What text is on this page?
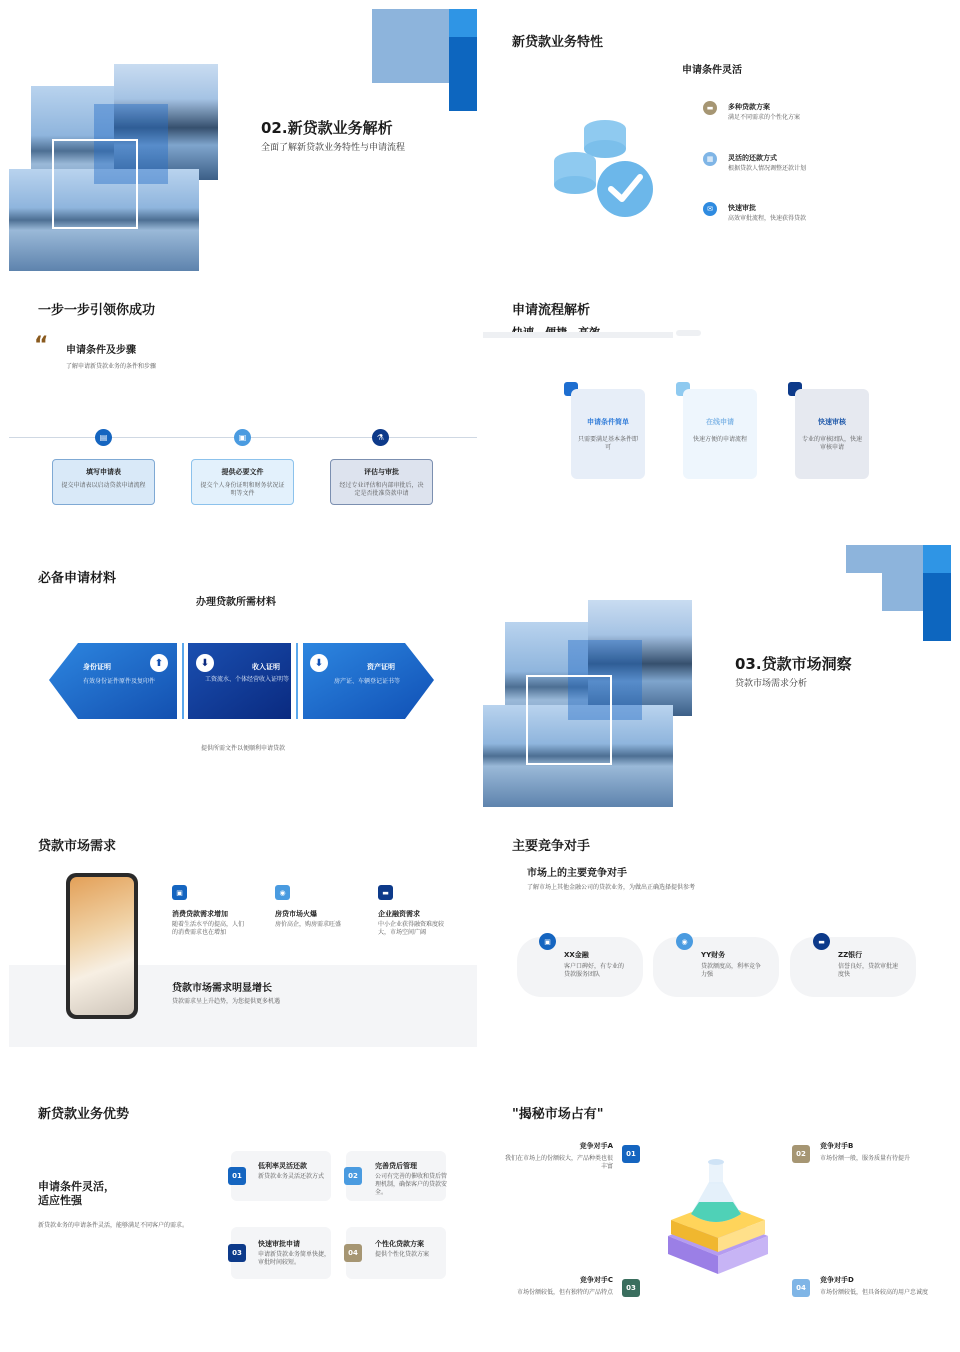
02.新贷款业务解析
全面了解新贷款业务特性与申请流程
新贷款业务特性
申请条件灵活
▬	多种贷款方案
满足不同需求的个性化方案
▦	灵活的还款方式
根据贷款人情况调整还款计划
✉	快速审批
高效审批流程，快速获得贷款
一步一步引领你成功
“ 申请条件及步骤
了解申请新贷款业务的条件和步骤
▤	▣	⚗
填写申请表
提交申请表以启动贷款申请流程
提供必要文件
提交个人身份证明和财务状况证明等文件
评估与审批
经过专业评估和内部审批后，决定是否批准贷款申请
申请流程解析
申请条件简单
只需要满足基本条件即可
在线申请
快速方便的申请流程
快速审核
专业的审核团队，快速审核申请
必备申请材料
办理贷款所需材料
⬆	⬇	⬇
身份证明
有效身份证件原件及复印件
收入证明
工资流水、个体经营收入证明等
资产证明
房产证、车辆登记证书等
提供所需文件以便顺利申请贷款
03.贷款市场洞察
贷款市场需求分析
贷款市场需求
▣	◉	▬
消费贷款需求增加
随着生活水平的提高，人们的消费需求也在增加
房贷市场火爆
房价高企，购房需求旺盛
企业融资需求
中小企业获得融资难度较大，市场空间广阔
贷款市场需求明显增长
贷款需求呈上升趋势，为您提供更多机遇
主要竞争对手
市场上的主要竞争对手
了解市场上其他金融公司的贷款业务，为做出正确选择提供参考
▣	◉	▬
XX金融
客户口碑好，有专业的贷款服务团队
YY财务
贷款额度高，利率竞争力强
ZZ银行
信誉良好，贷款审批速度快
新贷款业务优势
申请条件灵活，
适应性强
新贷款业务的申请条件灵活，能够满足不同客户的需求。
01	02
03	04
低利率灵活还款
新贷款业务灵活还款方式
完善贷后管理
公司有完善的催收和贷后管理机制，确保客户的贷款安全。
快速审批申请
申请新贷款业务简单快捷，审批时间较短。
个性化贷款方案
提供个性化贷款方案
"揭秘市场占有"
竞争对手A
我们在市场上的份额较大，产品种类也很丰富
01	02
竞争对手B
市场份额一般，服务质量有待提升
竞争对手C
市场份额较低，但有独特的产品特点
03	04
竞争对手D
市场份额较低，但具备较高的用户忠诚度
